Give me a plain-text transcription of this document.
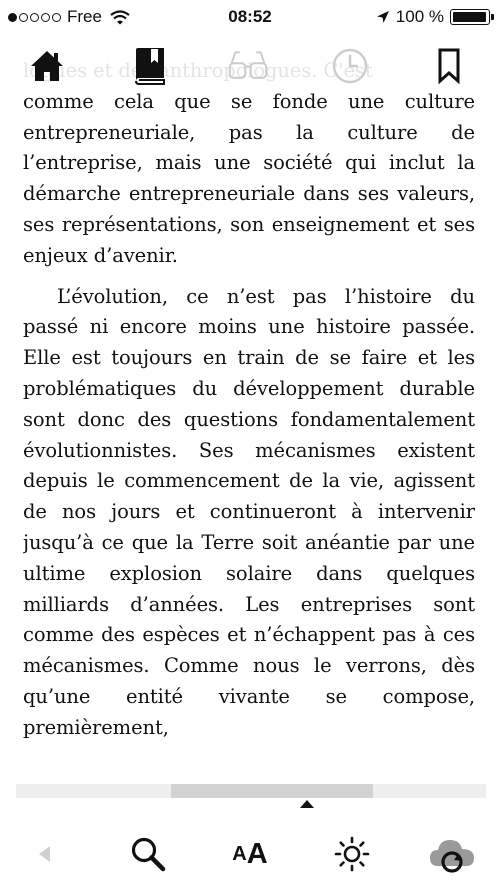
comme cela que se fonde une culture entrepreneuriale, pas la culture de l’entreprise, mais une société qui inclut la démarche entrepreneuriale dans ses valeurs, ses représentations, son enseignement et ses enjeux d’avenir.

L’évolution, ce n’est pas l’histoire du passé ni encore moins une histoire passée. Elle est toujours en train de se faire et les problématiques du développement durable sont donc des questions fondamentalement évolutionnistes. Ses mécanismes existent depuis le commencement de la vie, agissent de nos jours et continueront à intervenir jusqu’à ce que la Terre soit anéantie par une ultime explosion solaire dans quelques milliards d’années. Les entreprises sont comme des espèces et n’échappent pas à ces mécanismes. Comme nous le verrons, dès qu’une entité vivante se compose, premièrement,

Free	08:52	100 %
A A
